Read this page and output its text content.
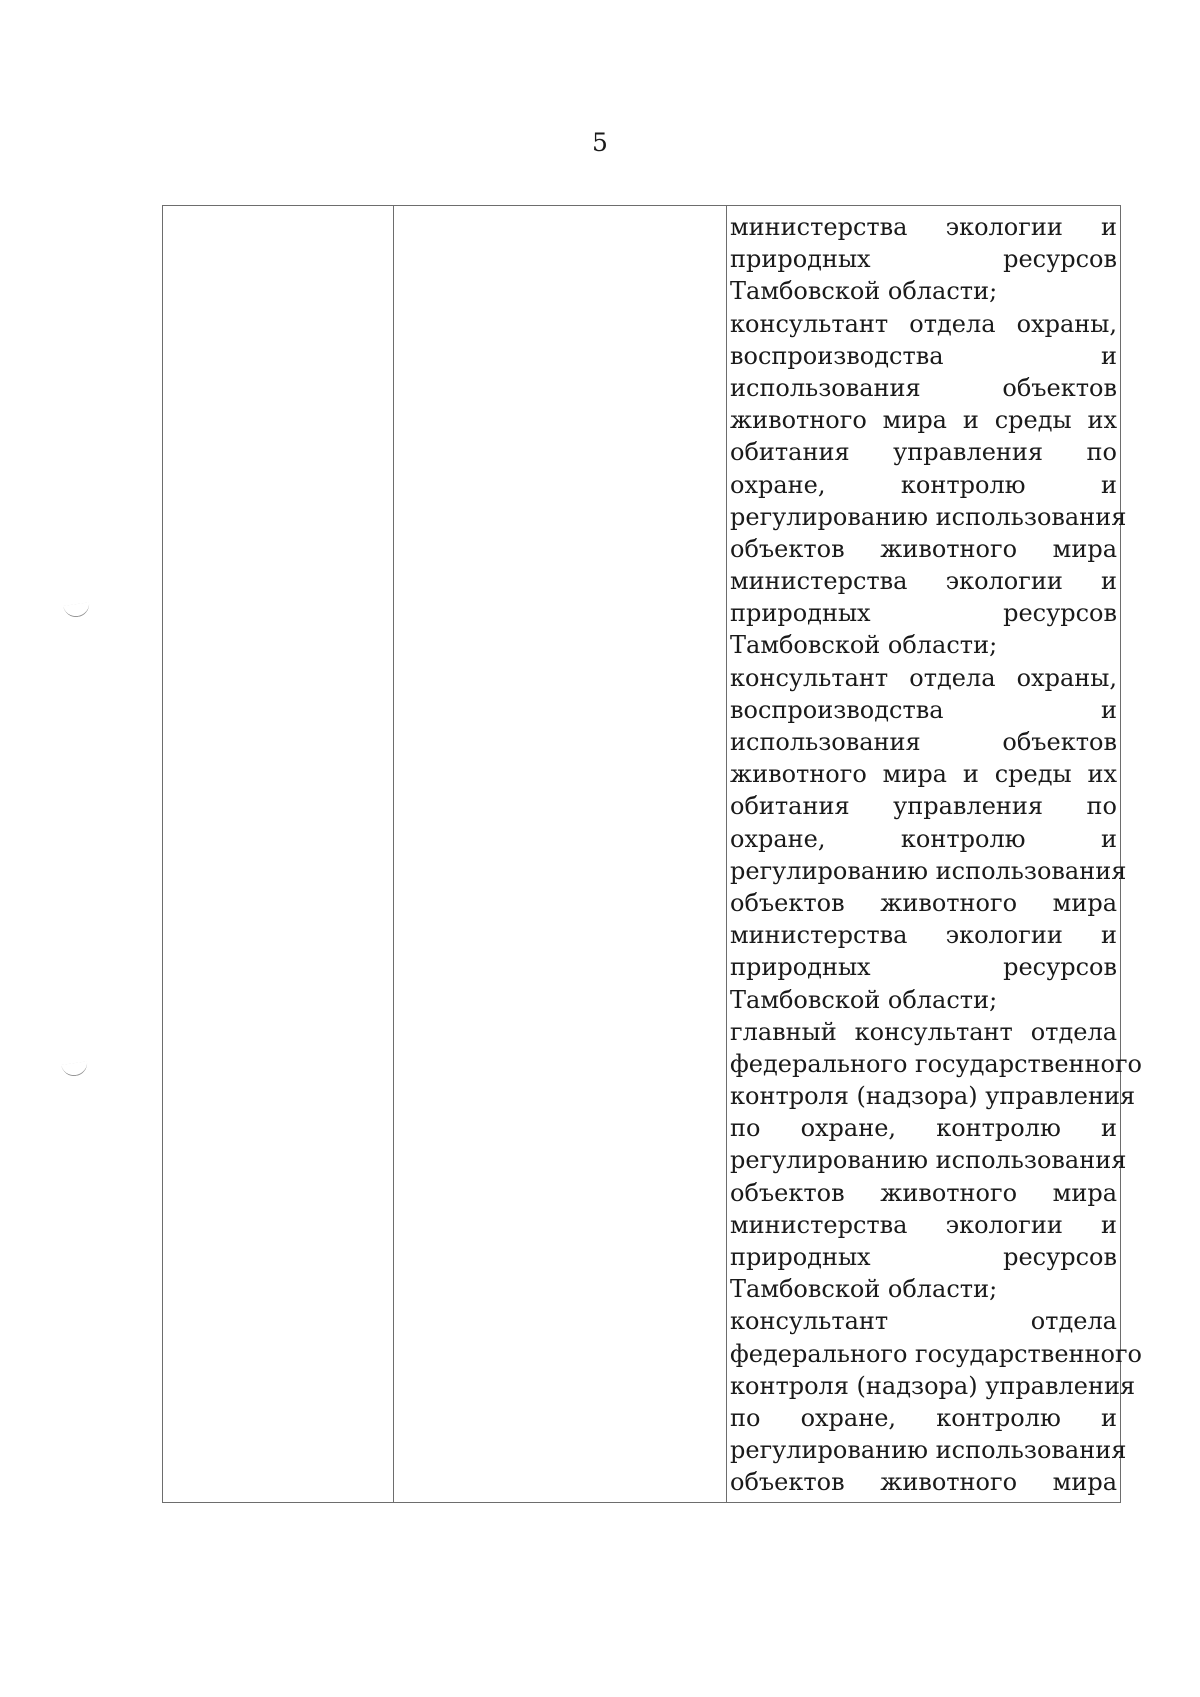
5

министерства экологии и
природных ресурсов
Тамбовской области;
консультант отдела охраны,
воспроизводства и
использования объектов
животного мира и среды их
обитания управления по
охране, контролю и
регулированию использования
объектов животного мира
министерства экологии и
природных ресурсов
Тамбовской области;
консультант отдела охраны,
воспроизводства и
использования объектов
животного мира и среды их
обитания управления по
охране, контролю и
регулированию использования
объектов животного мира
министерства экологии и
природных ресурсов
Тамбовской области;
главный консультант отдела
федерального государственного
контроля (надзора) управления
по охране, контролю и
регулированию использования
объектов животного мира
министерства экологии и
природных ресурсов
Тамбовской области;
консультант отдела
федерального государственного
контроля (надзора) управления
по охране, контролю и
регулированию использования
объектов животного мира
